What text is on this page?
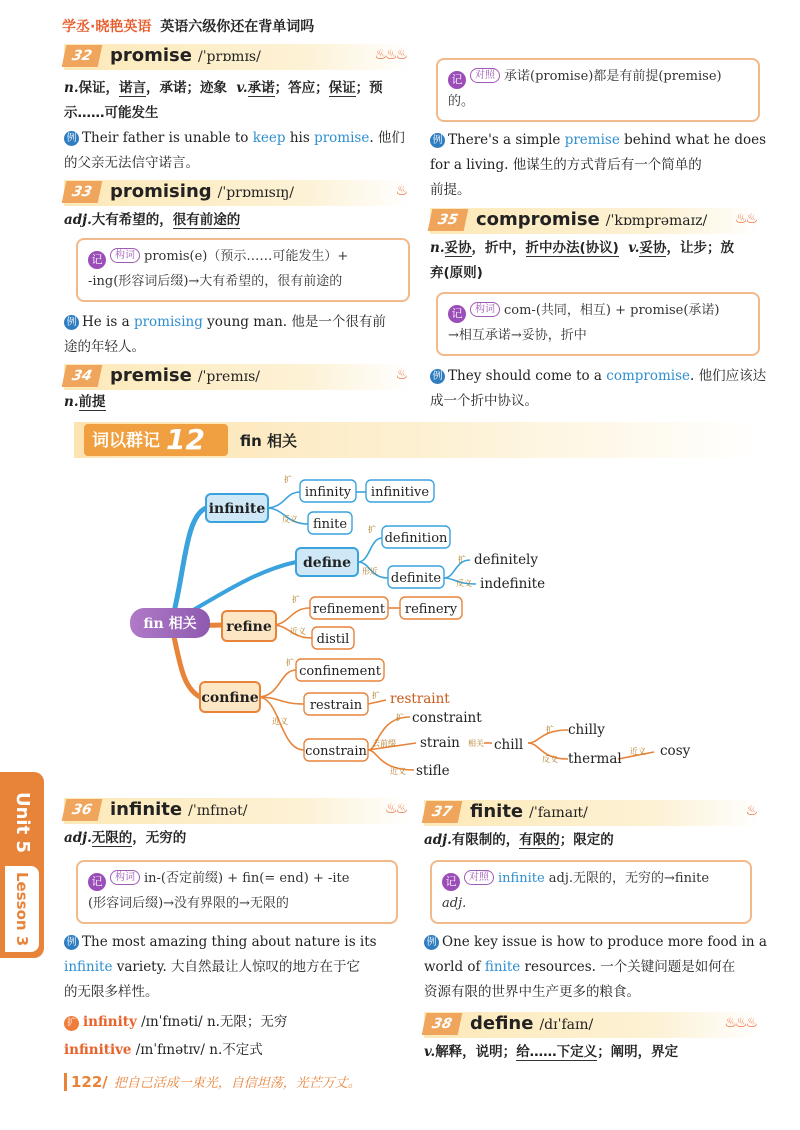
学丞·晓艳英语 英语六级你还在背单词吗
32 promise /ˈprɒmɪs/	♨♨♨
n.保证，诺言，承诺；迹象 v.承诺；答应；保证；预
示……可能发生
例 Their father is unable to keep his promise. 他们
的父亲无法信守诺言。
33 promising /ˈprɒmɪsɪŋ/	♨
adj.大有希望的，很有前途的
记 构词 promis(e)（预示……可能发生）+
-ing(形容词后缀)→大有希望的，很有前途的
例 He is a promising young man. 他是一个很有前
途的年轻人。
34 premise /ˈpremɪs/	♨
n.前提
记 对照 承诺(promise)都是有前提(premise)
的。
例 There's a simple premise behind what he does
for a living. 他谋生的方式背后有一个简单的
前提。
35 compromise /ˈkɒmprəmaɪz/ ♨♨
n.妥协，折中，折中办法(协议) v.妥协，让步；放
弃(原则)
记 构词 com-(共同，相互) + promise(承诺)
→相互承诺→妥协，折中
例 They should come to a compromise. 他们应该达
成一个折中协议。
词以群记 12	fin 相关
fin 相关
infinite
define
refine
confine
infinity infinitive
finite
definition
definite
refinement refinery
distil
confinement
restrain
constrain
definitely
indefinite
restraint
constraint
strain	chill
chilly
thermal	cosy
stifle
扩
反义
扩
形近
扩
反义
扩
近义
扩
近义
扩
扩
去前缀	相关
扩
反义
近义
近义
Unit 5
Lesson 3
36 infinite /ˈɪnfɪnət/	♨♨
adj.无限的，无穷的
记 构词 in-(否定前缀) + fin(= end) + -ite
(形容词后缀)→没有界限的→无限的
例 The most amazing thing about nature is its
infinite variety. 大自然最让人惊叹的地方在于它
的无限多样性。
扩 infinity /ɪnˈfɪnəti/ n.无限；无穷
infinitive /ɪnˈfɪnətɪv/ n.不定式
37 finite /ˈfaɪnaɪt/	♨
adj.有限制的，有限的；限定的
记 对照 infinite adj.无限的，无穷的→finite
adj.
例 One key issue is how to produce more food in a
world of finite resources. 一个关键问题是如何在
资源有限的世界中生产更多的粮食。
38 define /dɪˈfaɪn/	♨♨♨
v.解释，说明；给……下定义；阐明，界定
122/ 把自己活成一束光，自信坦荡，光芒万丈。
